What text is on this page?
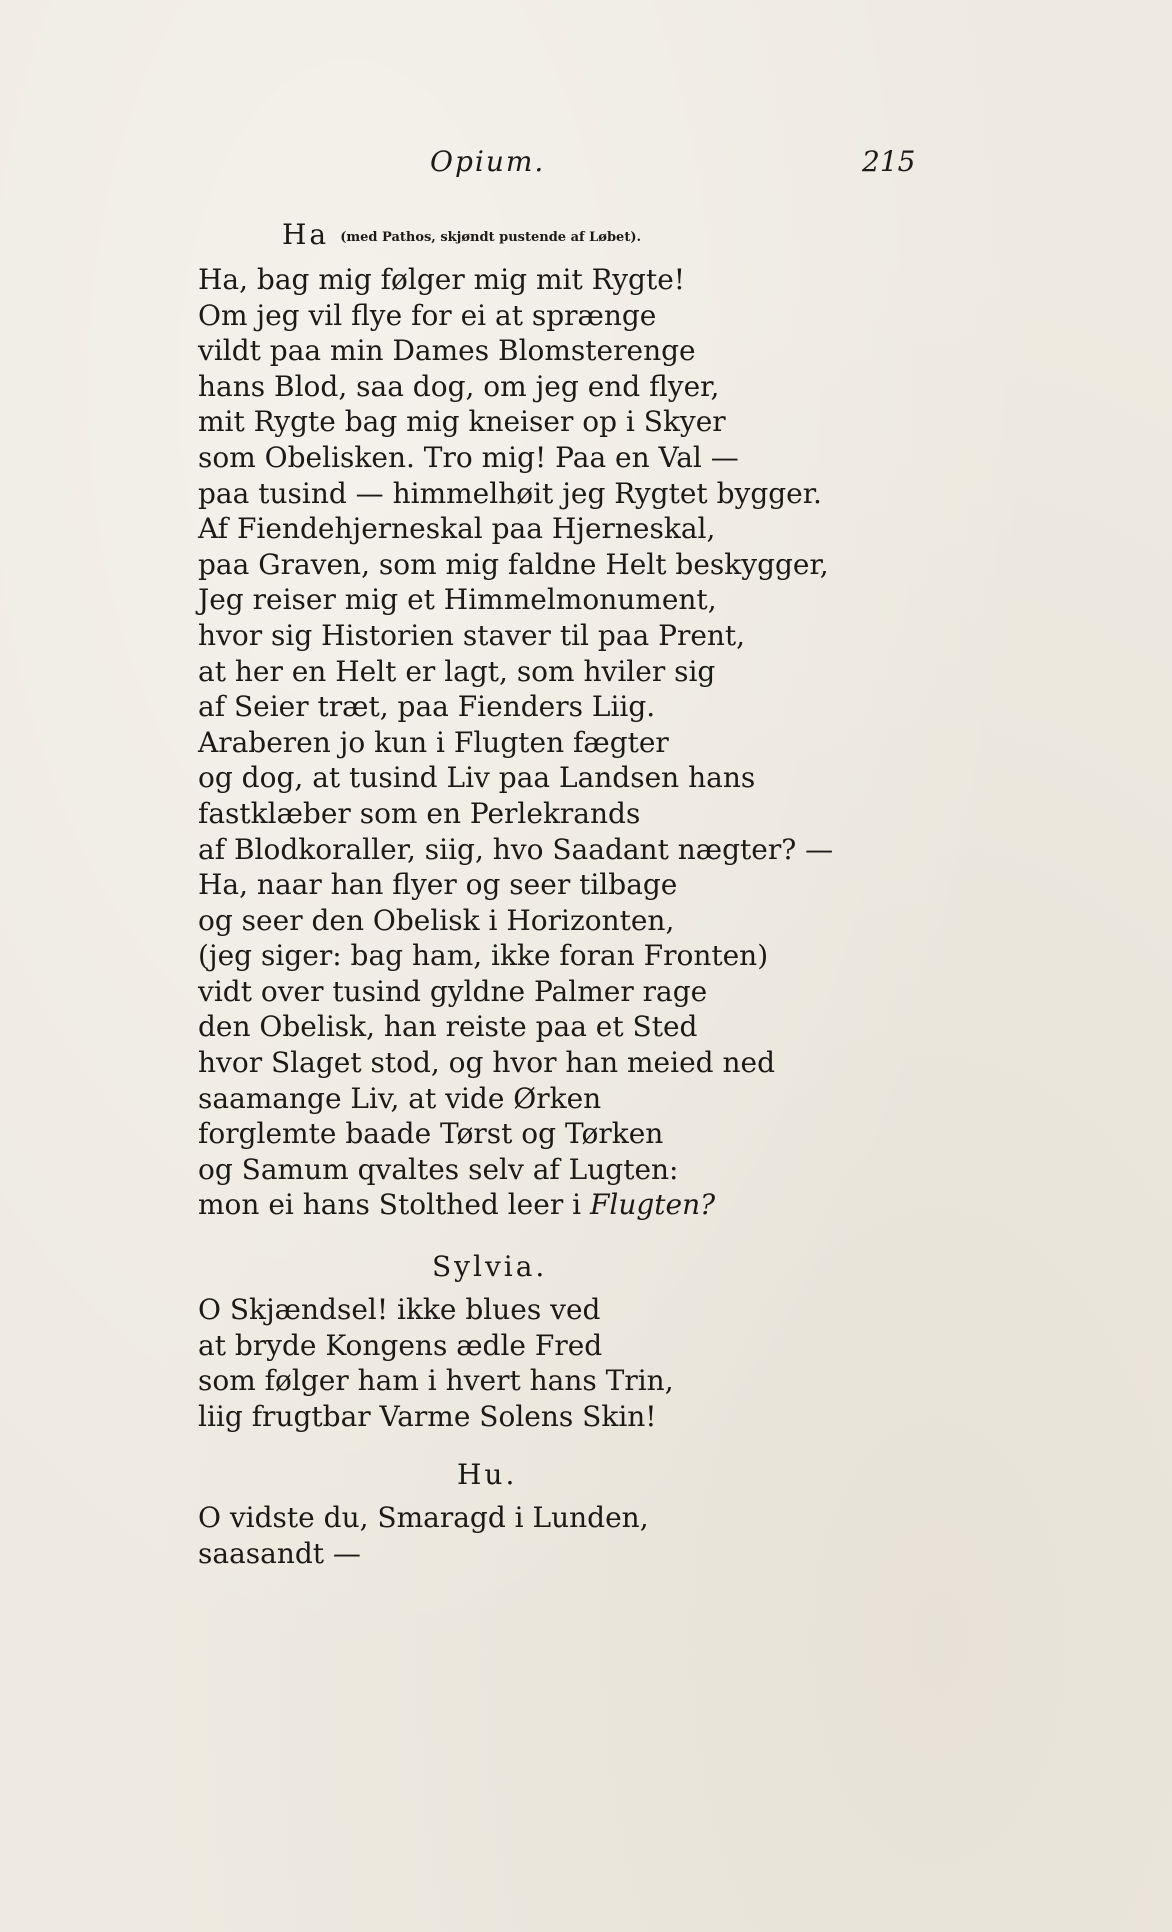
Opium.	215
Ha (med Pathos, skjøndt pustende af Løbet).
Ha, bag mig følger mig mit Rygte!
Om jeg vil flye for ei at sprænge
vildt paa min Dames Blomsterenge
hans Blod, saa dog, om jeg end flyer,
mit Rygte bag mig kneiser op i Skyer
som Obelisken. Tro mig! Paa en Val —
paa tusind — himmelhøit jeg Rygtet bygger.
Af Fiendehjerneskal paa Hjerneskal,
paa Graven, som mig faldne Helt beskygger,
Jeg reiser mig et Himmelmonument,
hvor sig Historien staver til paa Prent,
at her en Helt er lagt, som hviler sig
af Seier træt, paa Fienders Liig.
Araberen jo kun i Flugten fægter
og dog, at tusind Liv paa Landsen hans
fastklæber som en Perlekrands
af Blodkoraller, siig, hvo Saadant nægter? —
Ha, naar han flyer og seer tilbage
og seer den Obelisk i Horizonten,
(jeg siger: bag ham, ikke foran Fronten)
vidt over tusind gyldne Palmer rage
den Obelisk, han reiste paa et Sted
hvor Slaget stod, og hvor han meied ned
saamange Liv, at vide Ørken
forglemte baade Tørst og Tørken
og Samum qvaltes selv af Lugten:
mon ei hans Stolthed leer i Flugten?
Sylvia.
O Skjændsel! ikke blues ved
at bryde Kongens ædle Fred
som følger ham i hvert hans Trin,
liig frugtbar Varme Solens Skin!
Hu.
O vidste du, Smaragd i Lunden,
saasandt —
